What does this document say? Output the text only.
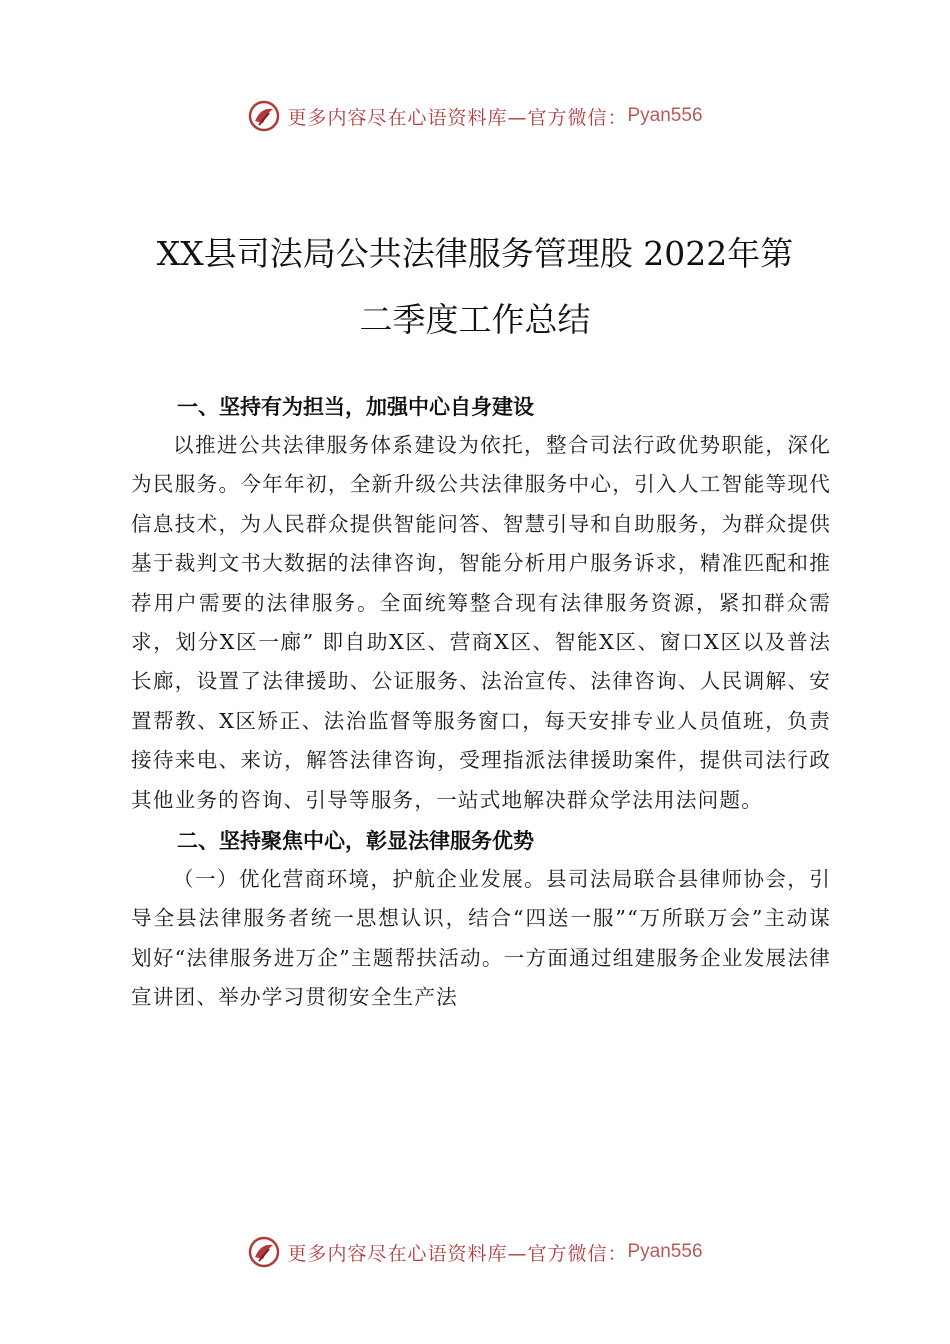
更多内容尽在心语资料库—官方微信： Pyan556
XX县司法局公共法律服务管理股 2022年第
二季度工作总结

一、坚持有为担当，加强中心自身建设

以推进公共法律服务体系建设为依托，整合司法行政优势职能，深化为民服务。今年年初，全新升级公共法律服务中心，引入人工智能等现代信息技术，为人民群众提供智能问答、智慧引导和自助服务，为群众提供基于裁判文书大数据的法律咨询，智能分析用户服务诉求，精准匹配和推荐用户需要的法律服务。全面统筹整合现有法律服务资源，紧扣群众需求，划分X区一廊” 即自助X区、营商X区、智能X区、窗口X区以及普法长廊，设置了法律援助、公证服务、法治宣传、法律咨询、人民调解、安置帮教、X区矫正、法治监督等服务窗口，每天安排专业人员值班，负责接待来电、来访，解答法律咨询，受理指派法律援助案件，提供司法行政其他业务的咨询、引导等服务，一站式地解决群众学法用法问题。

二、坚持聚焦中心，彰显法律服务优势

（一）优化营商环境，护航企业发展。县司法局联合县律师协会，引导全县法律服务者统一思想认识，结合“四送一服”“万所联万会”主动谋划好“法律服务进万企”主题帮扶活动。一方面通过组建服务企业发展法律宣讲团、举办学习贯彻安全生产法

更多内容尽在心语资料库—官方微信： Pyan556
